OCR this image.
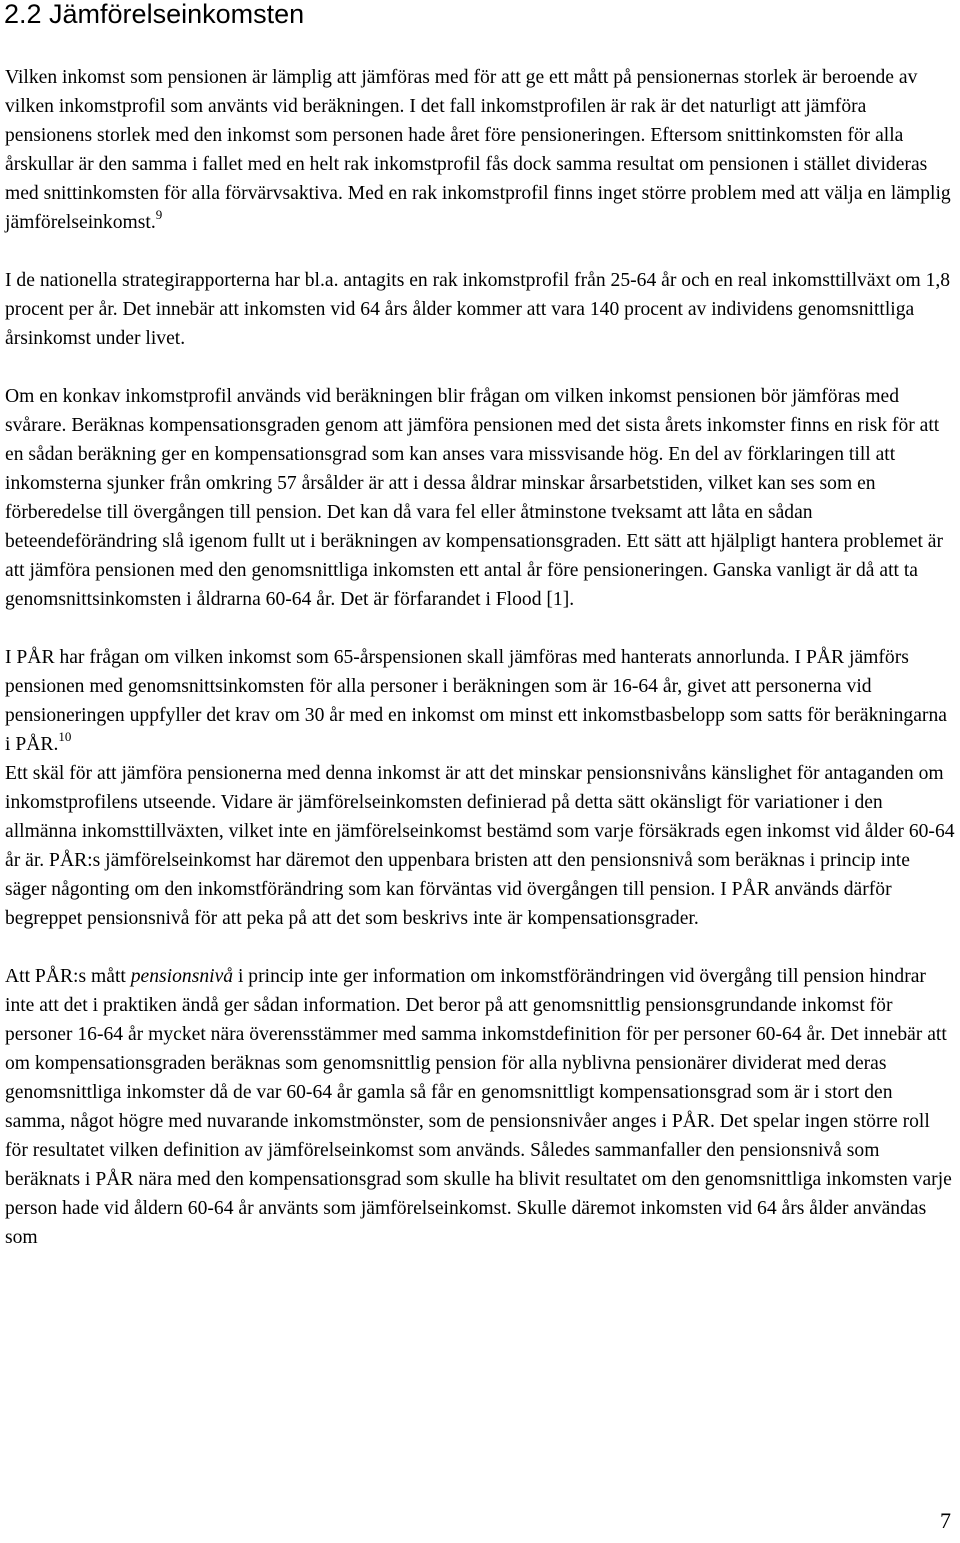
2.2 Jämförelseinkomsten

Vilken inkomst som pensionen är lämplig att jämföras med för att ge ett mått på pensionernas storlek är beroende av vilken inkomstprofil som använts vid beräkningen. I det fall inkomstprofilen är rak är det naturligt att jämföra pensionens storlek med den inkomst som personen hade året före pensioneringen. Eftersom snittinkomsten för alla årskullar är den samma i fallet med en helt rak inkomstprofil fås dock samma resultat om pensionen i stället divideras med snittinkomsten för alla förvärvsaktiva. Med en rak inkomstprofil finns inget större problem med att välja en lämplig jämförelseinkomst.$^9$

I de nationella strategirapporterna har bl.a. antagits en rak inkomstprofil från 25-64 år och en real inkomsttillväxt om 1,8 procent per år. Det innebär att inkomsten vid 64 års ålder kommer att vara 140 procent av individens genomsnittliga årsinkomst under livet.

Om en konkav inkomstprofil används vid beräkningen blir frågan om vilken inkomst pensionen bör jämföras med svårare. Beräknas kompensationsgraden genom att jämföra pensionen med det sista årets inkomster finns en risk för att en sådan beräkning ger en kompensationsgrad som kan anses vara missvisande hög. En del av förklaringen till att inkomsterna sjunker från omkring 57 årsålder är att i dessa åldrar minskar årsarbetstiden, vilket kan ses som en förberedelse till övergången till pension. Det kan då vara fel eller åtminstone tveksamt att låta en sådan beteendeförändring slå igenom fullt ut i beräkningen av kompensationsgraden. Ett sätt att hjälpligt hantera problemet är att jämföra pensionen med den genomsnittliga inkomsten ett antal år före pensioneringen. Ganska vanligt är då att ta genomsnittsinkomsten i åldrarna 60-64 år. Det är förfarandet i Flood [1].

I PÅR har frågan om vilken inkomst som 65-årspensionen skall jämföras med hanterats annorlunda. I PÅR jämförs pensionen med genomsnittsinkomsten för alla personer i beräkningen som är 16-64 år, givet att personerna vid pensioneringen uppfyller det krav om 30 år med en inkomst om minst ett inkomstbasbelopp som satts för beräkningarna i PÅR.$^{10}$
Ett skäl för att jämföra pensionerna med denna inkomst är att det minskar pensionsnivåns känslighet för antaganden om inkomstprofilens utseende. Vidare är jämförelseinkomsten definierad på detta sätt okänsligt för variationer i den allmänna inkomsttillväxten, vilket inte en jämförelseinkomst bestämd som varje försäkrads egen inkomst vid ålder 60-64 år är. PÅR:s jämförelseinkomst har däremot den uppenbara bristen att den pensionsnivå som beräknas i princip inte säger någonting om den inkomstförändring som kan förväntas vid övergången till pension. I PÅR används därför begreppet pensionsnivå för att peka på att det som beskrivs inte är kompensationsgrader.

Att PÅR:s mått pensionsnivå i princip inte ger information om inkomstförändringen vid övergång till pension hindrar inte att det i praktiken ändå ger sådan information. Det beror på att genomsnittlig pensionsgrundande inkomst för personer 16-64 år mycket nära överensstämmer med samma inkomstdefinition för per personer 60-64 år. Det innebär att om kompensationsgraden beräknas som genomsnittlig pension för alla nyblivna pensionärer dividerat med deras genomsnittliga inkomster då de var 60-64 år gamla så får en genomsnittligt kompensationsgrad som är i stort den samma, något högre med nuvarande inkomstmönster, som de pensionsnivåer anges i PÅR. Det spelar ingen större roll för resultatet vilken definition av jämförelseinkomst som används. Således sammanfaller den pensionsnivå som beräknats i PÅR nära med den kompensationsgrad som skulle ha blivit resultatet om den genomsnittliga inkomsten varje person hade vid åldern 60-64 år använts som jämförelseinkomst. Skulle däremot inkomsten vid 64 års ålder användas som

7
